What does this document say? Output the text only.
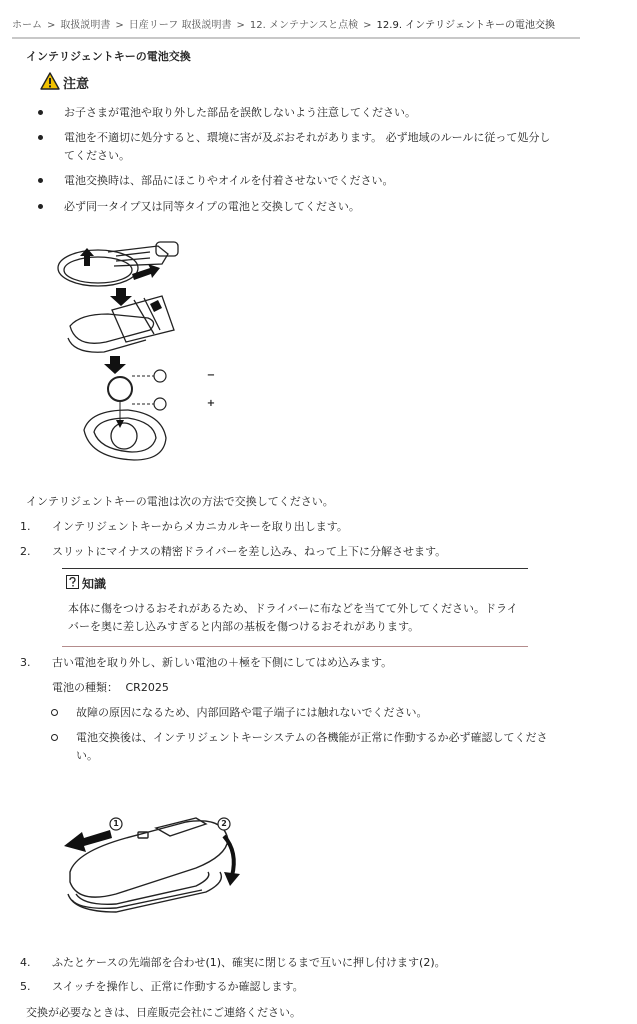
ホーム > 取扱説明書 > 日産リーフ 取扱説明書 > 12. メンテナンスと点検 > 12.9. インテリジェントキーの電池交換
インテリジェントキーの電池交換
注意
お子さまが電池や取り外した部品を誤飲しないよう注意してください。
電池を不適切に処分すると、環境に害が及ぶおそれがあります。 必ず地域のルールに従って処分してください。
電池交換時は、部品にほこりやオイルを付着させないでください。
必ず同一タイプ又は同等タイプの電池と交換してください。
−
+
インテリジェントキーの電池は次の方法で交換してください。
1. インテリジェントキーからメカニカルキーを取り出します。
2. スリットにマイナスの精密ドライバーを差し込み、ねって上下に分解させます。
知識
本体に傷をつけるおそれがあるため、ドライバーに布などを当てて外してください。ドライバーを奥に差し込みすぎると内部の基板を傷つけるおそれがあります。
3. 古い電池を取り外し、新しい電池の＋極を下側にしてはめ込みます。
電池の種類： CR2025
故障の原因になるため、内部回路や電子端子には触れないでください。
電池交換後は、インテリジェントキーシステムの各機能が正常に作動するか必ず確認してください。
1	2
4. ふたとケースの先端部を合わせ(1)、確実に閉じるまで互いに押し付けます(2)。
5. スイッチを操作し、正常に作動するか確認します。
交換が必要なときは、日産販売会社にご連絡ください。
